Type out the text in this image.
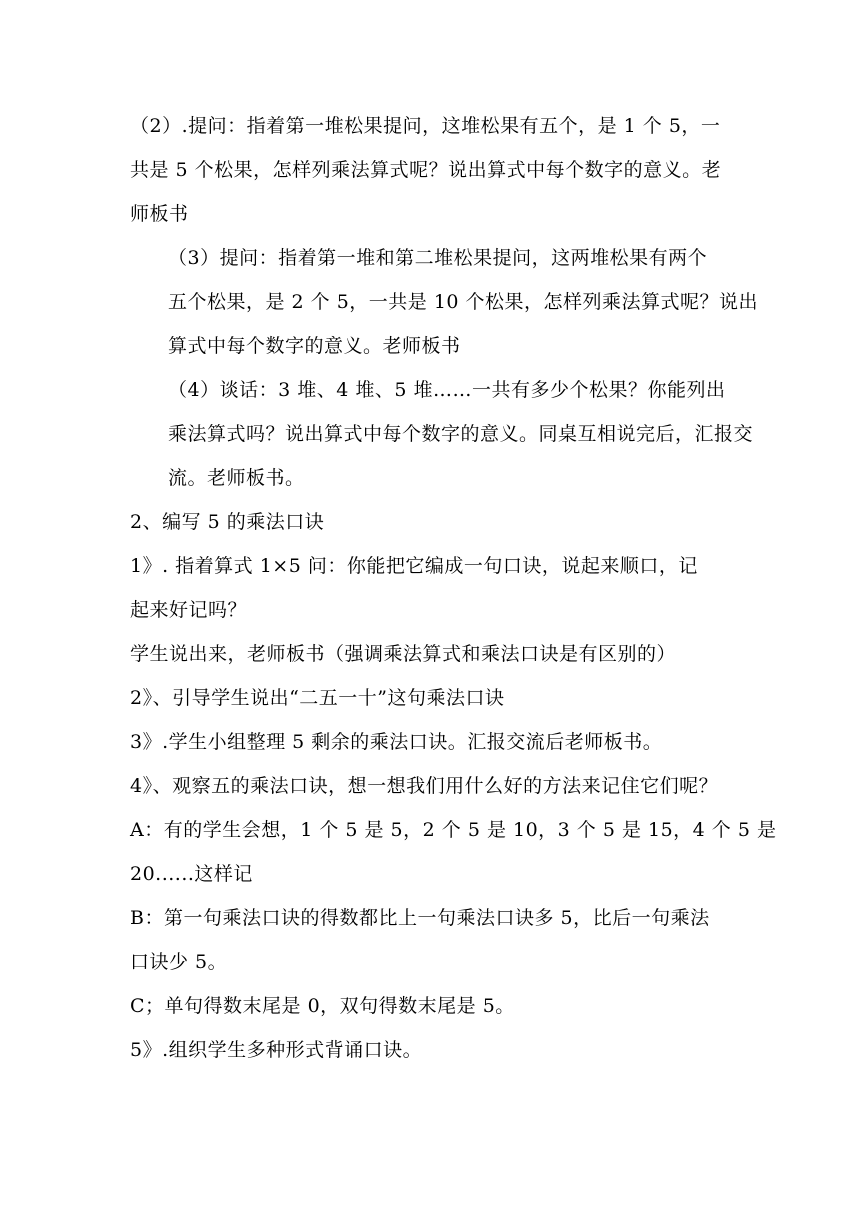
（2）.提问：指着第一堆松果提问，这堆松果有五个，是 1 个 5，一
共是 5 个松果，怎样列乘法算式呢？说出算式中每个数字的意义。老
师板书

（3）提问：指着第一堆和第二堆松果提问，这两堆松果有两个
五个松果，是 2 个 5，一共是 10 个松果，怎样列乘法算式呢？说出
算式中每个数字的意义。老师板书

（4）谈话：3 堆、4 堆、5 堆……一共有多少个松果？你能列出
乘法算式吗？说出算式中每个数字的意义。同桌互相说完后，汇报交
流。老师板书。

2、编写 5 的乘法口诀

1》. 指着算式 1×5 问：你能把它编成一句口诀，说起来顺口，记
起来好记吗？

学生说出来，老师板书（强调乘法算式和乘法口诀是有区别的）

2》、引导学生说出“二五一十”这句乘法口诀

3》.学生小组整理 5 剩余的乘法口诀。汇报交流后老师板书。

4》、观察五的乘法口诀，想一想我们用什么好的方法来记住它们呢？

A：有的学生会想，1 个 5 是 5，2 个 5 是 10，3 个 5 是 15，4 个 5 是
20......这样记

B：第一句乘法口诀的得数都比上一句乘法口诀多 5，比后一句乘法
口诀少 5。

C；单句得数末尾是 0，双句得数末尾是 5。

5》.组织学生多种形式背诵口诀。
